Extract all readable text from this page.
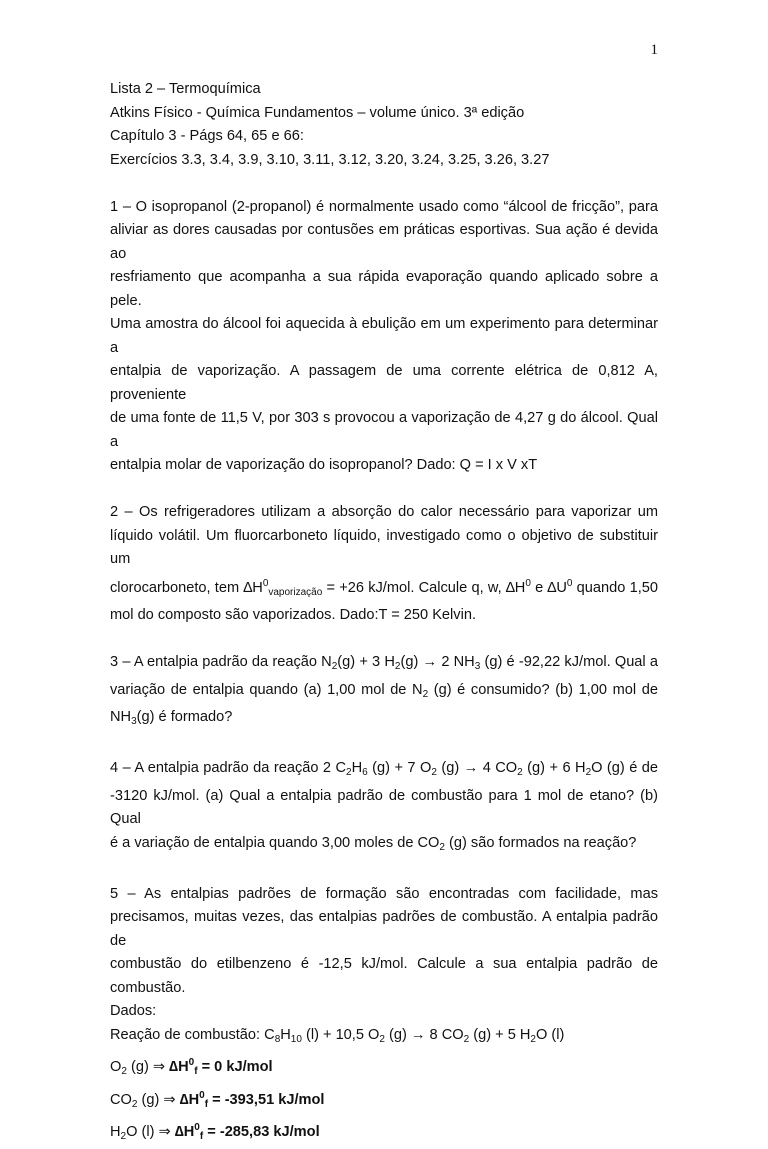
1
Lista 2 – Termoquímica
Atkins Físico - Química Fundamentos – volume único. 3ª edição
Capítulo 3 - Págs 64, 65 e 66:
Exercícios 3.3, 3.4, 3.9, 3.10, 3.11, 3.12, 3.20, 3.24, 3.25, 3.26, 3.27
1 – O isopropanol (2-propanol) é normalmente usado como “álcool de fricção”, para
aliviar as dores causadas por contusões em práticas esportivas. Sua ação é devida ao
resfriamento que acompanha a sua rápida evaporação quando aplicado sobre a pele.
Uma amostra do álcool foi aquecida à ebulição em um experimento para determinar a
entalpia de vaporização. A passagem de uma corrente elétrica de 0,812 A, proveniente
de uma fonte de 11,5 V, por 303 s provocou a vaporização de 4,27 g do álcool. Qual a
entalpia molar de vaporização do isopropanol? Dado: Q = I x V xT
2 – Os refrigeradores utilizam a absorção do calor necessário para vaporizar um
líquido volátil. Um fluorcarboneto líquido, investigado como o objetivo de substituir um
clorocarboneto, tem $\Delta H^0_{vaporização} = +26$ kJ/mol. Calcule q, w, $\Delta H^0$ e $\Delta U^0$ quando 1,50
mol do composto são vaporizados. Dado:T = 250 Kelvin.
3 – A entalpia padrão da reação $N_2(g) + 3$ $H_2(g) \to 2$ $NH_3$ (g) é -92,22 kJ/mol. Qual a
variação de entalpia quando (a) 1,00 mol de $N_2$ (g) é consumido? (b) 1,00 mol de
$NH_3(g)$ é formado?
4 – A entalpia padrão da reação 2 $C_2H_6$ (g) + 7 $O_2$ (g) → 4 $CO_2$ (g) + 6 $H_2O$ (g) é de
-3120 kJ/mol. (a) Qual a entalpia padrão de combustão para 1 mol de etano? (b) Qual
é a variação de entalpia quando 3,00 moles de $CO_2$ (g) são formados na reação?
5 – As entalpias padrões de formação são encontradas com facilidade, mas
precisamos, muitas vezes, das entalpias padrões de combustão. A entalpia padrão de
combustão do etilbenzeno é -12,5 kJ/mol. Calcule a sua entalpia padrão de
combustão.
Dados:
Reação de combustão: $C_8H_{10}$ (l) + 10,5 $O_2$ (g) → 8 $CO_2$ (g) + 5 $H_2O$ (l)
$O_2$ (g) ⇒ $\Delta H^0_f = 0$ kJ/mol
$CO_2$ (g) ⇒ $\Delta H^0_f = -393,51$ kJ/mol
$H_2O$ (l) ⇒ $\Delta H^0_f = -285,83$ kJ/mol
